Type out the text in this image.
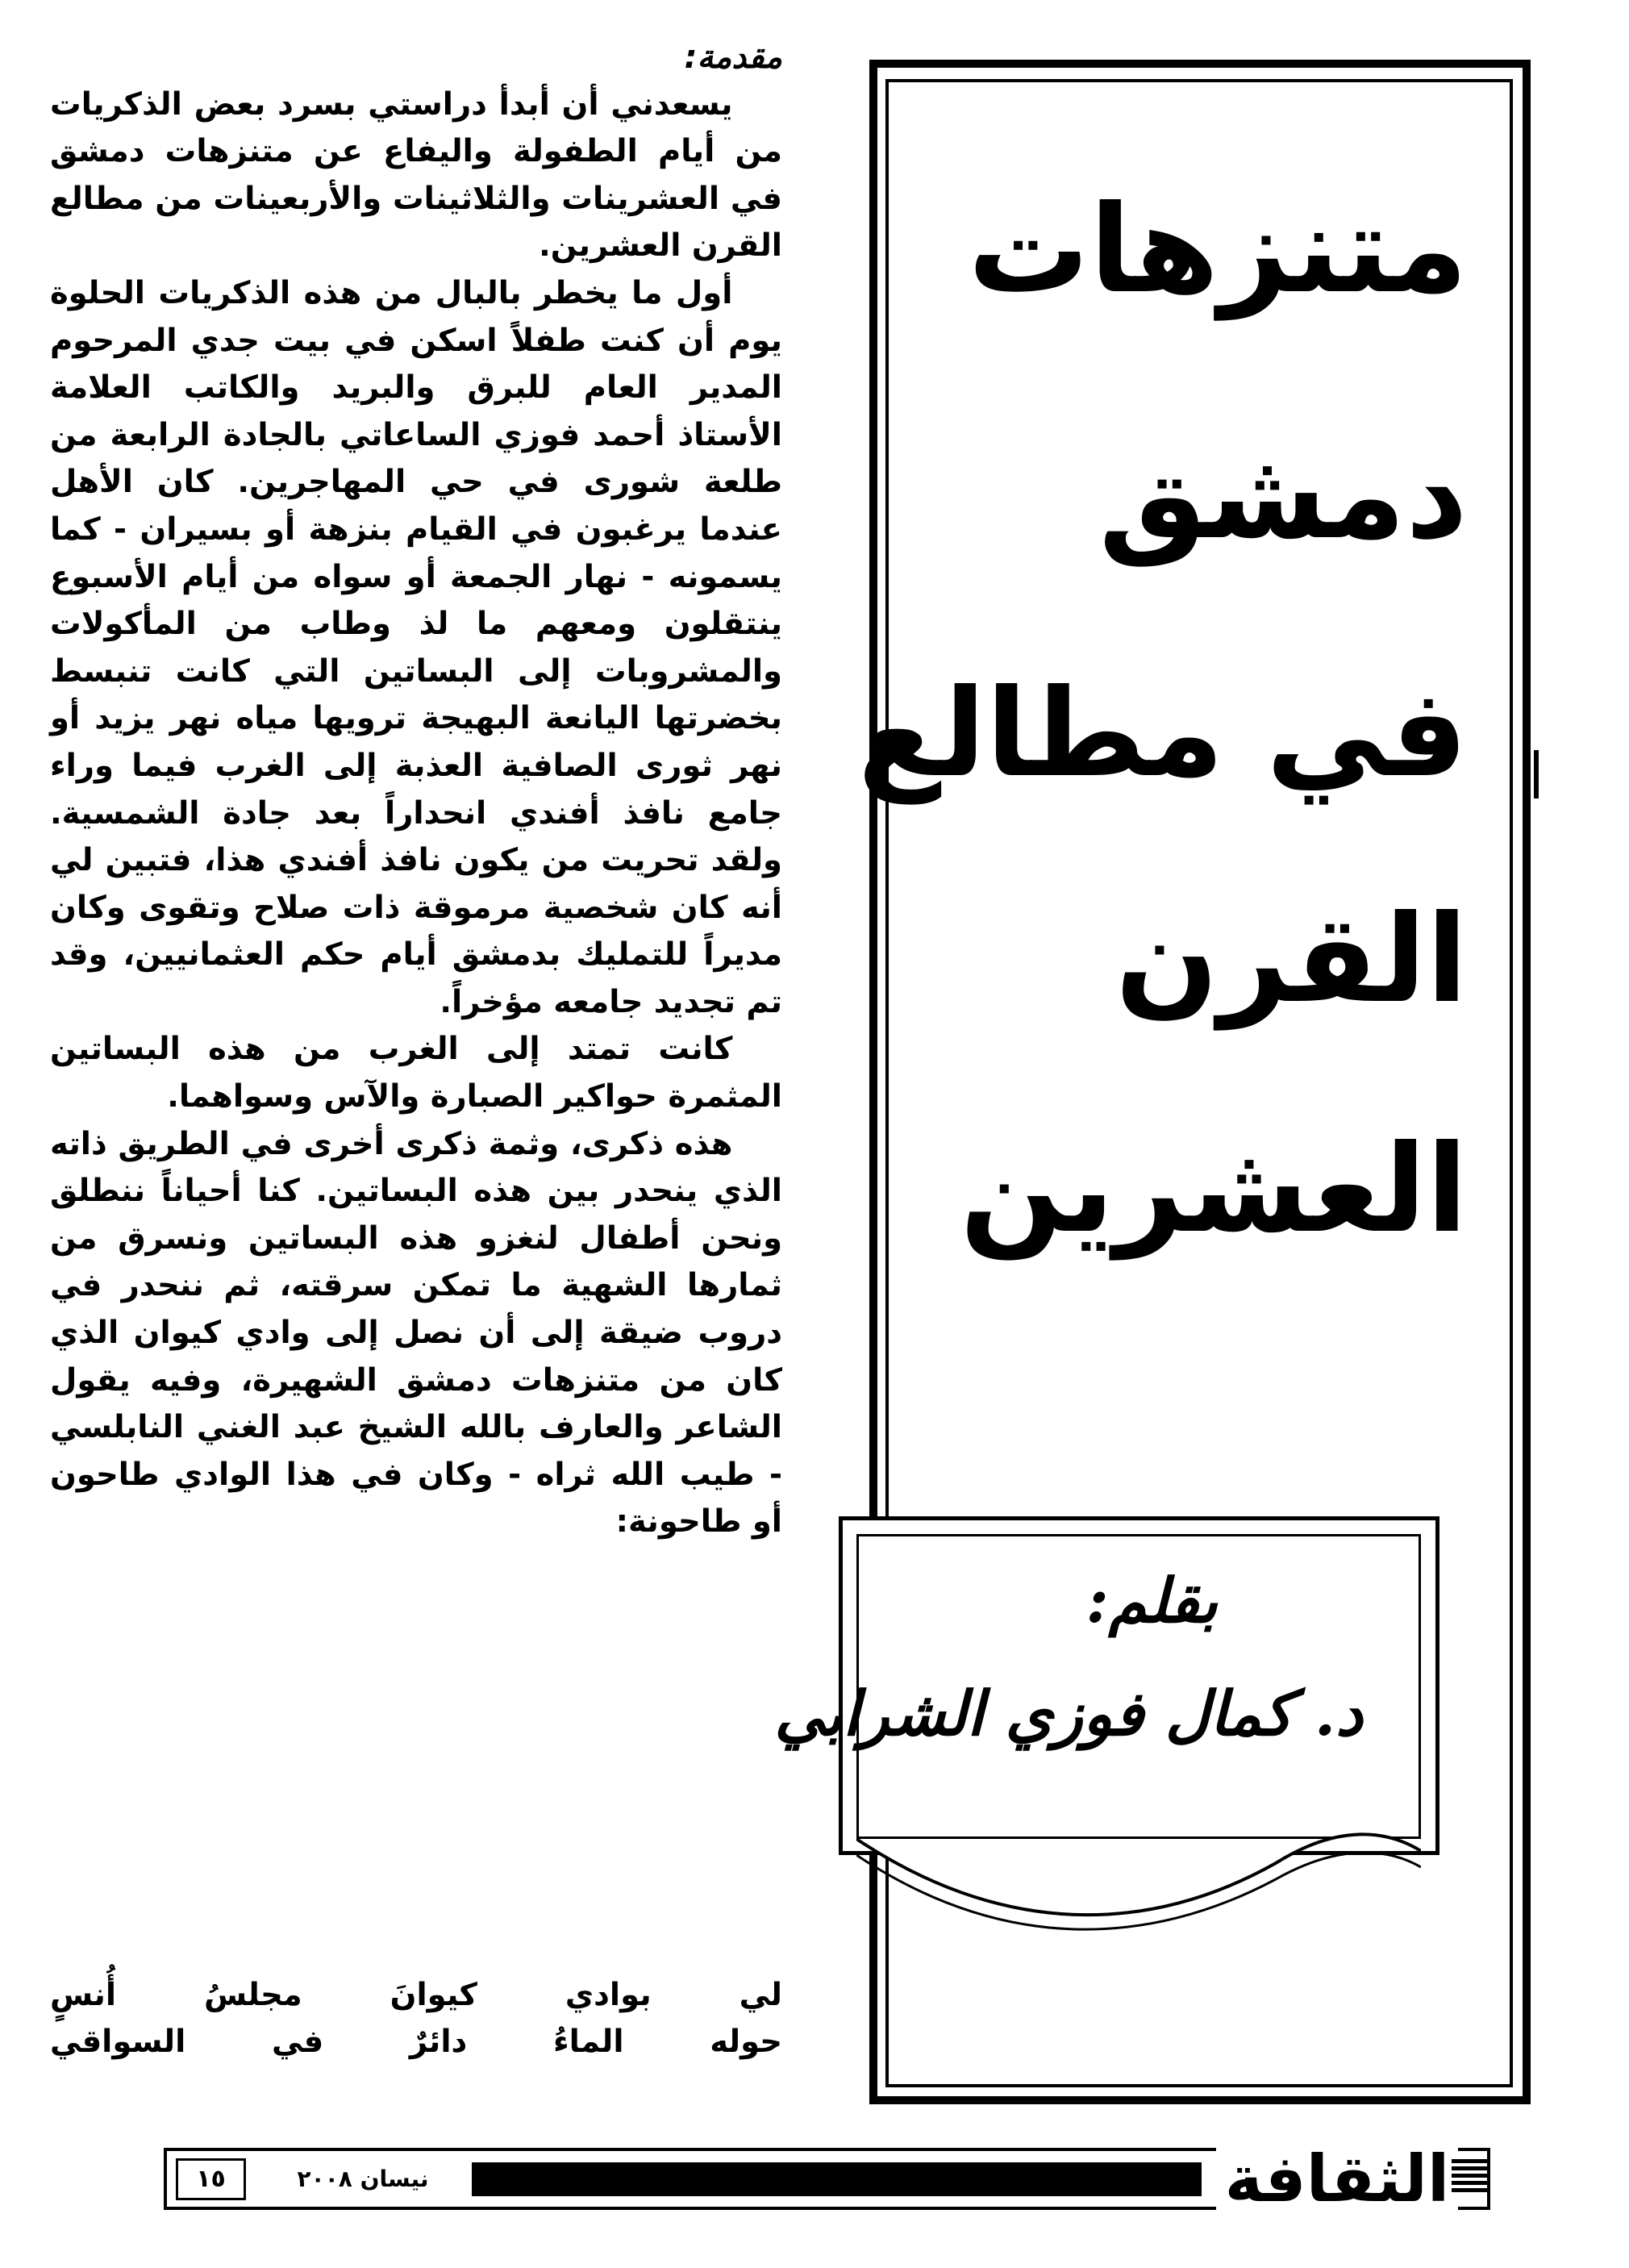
متنزهات
دمشق
في مطالع
القرن
العشرين

بقلم:

د. كمال فوزي الشرابي

مقدمة:

يسعدني أن أبدأ دراستي بسرد بعض الذكريات من أيام الطفولة واليفاع عن متنزهات دمشق في العشرينات والثلاثينات والأربعينات من مطالع القرن العشرين.

أول ما يخطر بالبال من هذه الذكريات الحلوة يوم أن كنت طفلاً اسكن في بيت جدي المرحوم المدير العام للبرق والبريد والكاتب العلامة الأستاذ أحمد فوزي الساعاتي بالجادة الرابعة من طلعة شورى في حي المهاجرين. كان الأهل عندما يرغبون في القيام بنزهة أو بسيران - كما يسمونه - نهار الجمعة أو سواه من أيام الأسبوع ينتقلون ومعهم ما لذ وطاب من المأكولات والمشروبات إلى البساتين التي كانت تنبسط بخضرتها اليانعة البهيجة ترويها مياه نهر يزيد أو نهر ثورى الصافية العذبة إلى الغرب فيما وراء جامع نافذ أفندي انحداراً بعد جادة الشمسية. ولقد تحريت من يكون نافذ أفندي هذا، فتبين لي أنه كان شخصية مرموقة ذات صلاح وتقوى وكان مديراً للتمليك بدمشق أيام حكم العثمانيين، وقد تم تجديد جامعه مؤخراً.

كانت تمتد إلى الغرب من هذه البساتين المثمرة حواكير الصبارة والآس وسواهما.

هذه ذكرى، وثمة ذكرى أخرى في الطريق ذاته الذي ينحدر بين هذه البساتين. كنا أحياناً ننطلق ونحن أطفال لنغزو هذه البساتين ونسرق من ثمارها الشهية ما تمكن سرقته، ثم ننحدر في دروب ضيقة إلى أن نصل إلى وادي كيوان الذي كان من متنزهات دمشق الشهيرة، وفيه يقول الشاعر والعارف بالله الشيخ عبد الغني النابلسي - طيب الله ثراه - وكان في هذا الوادي طاحون أو طاحونة:

لي بوادي كيوانَ مجلسُ أُنسٍ
حوله الماءُ دائرٌ في السواقي
١٥	نيسان ٢٠٠٨	الثقافة
